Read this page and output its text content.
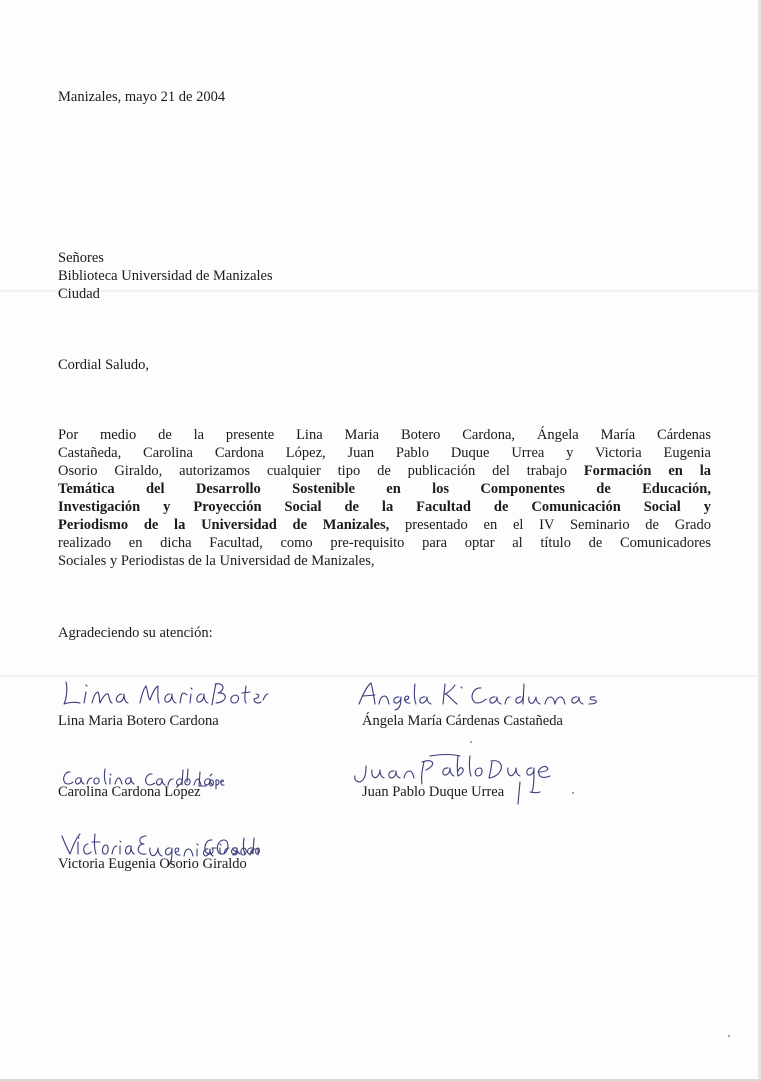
Manizales, mayo 21 de 2004
Señores
Biblioteca Universidad de Manizales
Ciudad
Cordial Saludo,
Por medio de la presente Lina Maria Botero Cardona, Ángela María Cárdenas
Castañeda, Carolina Cardona López, Juan Pablo Duque Urrea y Victoria Eugenia
Osorio Giraldo, autorizamos cualquier tipo de publicación del trabajo Formación en la
Temática del Desarrollo Sostenible en los Componentes de Educación,
Investigación y Proyección Social de la Facultad de Comunicación Social y
Periodismo de la Universidad de Manizales, presentado en el IV Seminario de Grado
realizado en dicha Facultad, como pre-requisito para optar al título de Comunicadores
Sociales y Periodistas de la Universidad de Manizales,
Agradeciendo su atención:
Lina Maria Botero Cardona	Ángela María Cárdenas Castañeda
Carolina Cardona López	Juan Pablo Duque Urrea
Victoria Eugenia Osorio Giraldo
